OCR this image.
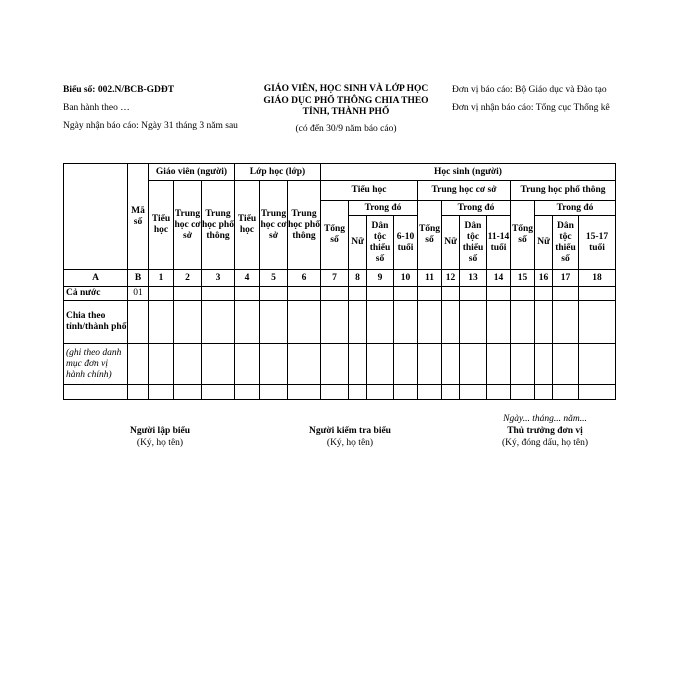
Biểu số: 002.N/BCB-GDĐT

Ban hành theo …

Ngày nhận báo cáo: Ngày 31 tháng 3 năm sau

GIÁO VIÊN, HỌC SINH VÀ LỚP HỌC
GIÁO DỤC PHỔ THÔNG CHIA THEO
TỈNH, THÀNH PHỐ
(có đến 30/9 năm báo cáo)

Đơn vị báo cáo: Bộ Giáo dục và Đào tạo

Đơn vị nhận báo cáo: Tổng cục Thống kê

	Mã số	Giáo viên (người)			Lớp học (lớp)			Học sinh (người)											
		Tiểu học	Trung học cơ sở	Trung học phổ thông	Tiểu học	Trung học cơ sở	Trung học phổ thông	Tiểu học				Trung học cơ sở				Trung học phổ thông			
								Tổng số	Trong đó			Tổng số	Trong đó			Tổng số	Trong đó		
									Nữ	Dân tộc thiểu số	6-10 tuổi		Nữ	Dân tộc thiểu số	11-14 tuổi		Nữ	Dân tộc thiểu số	15-17 tuổi
A	B	1	2	3	4	5	6	7	8	9	10	11	12	13	14	15	16	17	18
Cả nước	01																		
Chia theo tỉnh/thành phố																			
(ghi theo danh mục đơn vị hành chính)																			

Người lập biểu
(Ký, họ tên)
Người kiểm tra biểu
(Ký, họ tên)
Ngày... tháng... năm...
Thủ trưởng đơn vị
(Ký, đóng dấu, họ tên)
